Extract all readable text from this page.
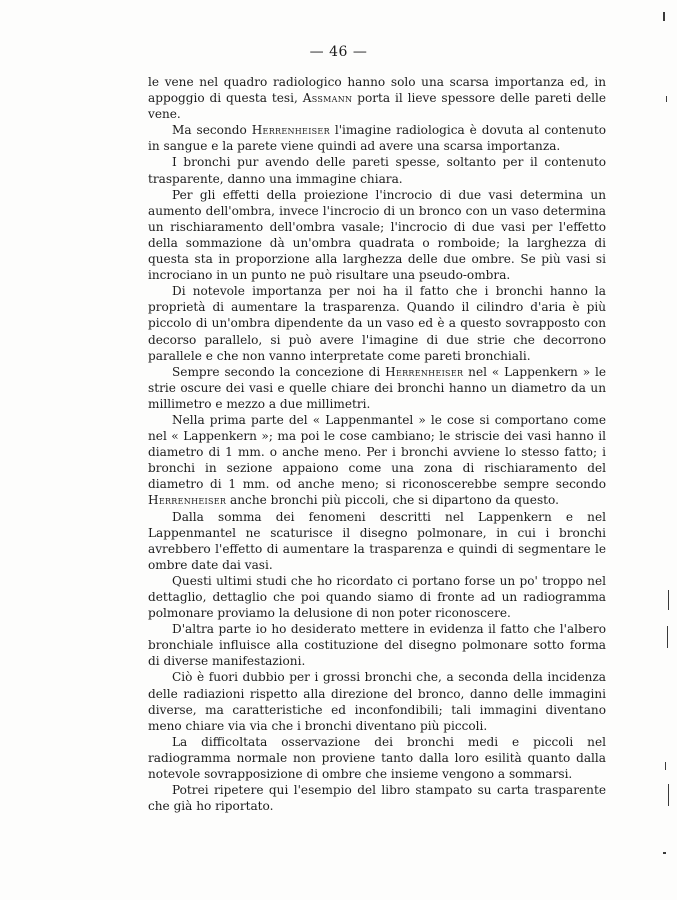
— 46 —

le vene nel quadro radiologico hanno solo una scarsa importanza ed, in appoggio di questa tesi, Assmann porta il lieve spessore delle pareti delle vene.

Ma secondo Herrenheiser l'imagine radiologica è dovuta al contenuto in sangue e la parete viene quindi ad avere una scarsa importanza.

I bronchi pur avendo delle pareti spesse, soltanto per il contenuto trasparente, danno una immagine chiara.

Per gli effetti della proiezione l'incrocio di due vasi determina un aumento dell'ombra, invece l'incrocio di un bronco con un vaso determina un rischiaramento dell'ombra vasale; l'incrocio di due vasi per l'effetto della sommazione dà un'ombra quadrata o romboide; la larghezza di questa sta in proporzione alla larghezza delle due ombre. Se più vasi si incrociano in un punto ne può risultare una pseudo-ombra.

Di notevole importanza per noi ha il fatto che i bronchi hanno la proprietà di aumentare la trasparenza. Quando il cilindro d'aria è più piccolo di un'ombra dipendente da un vaso ed è a questo sovrapposto con decorso parallelo, si può avere l'imagine di due strie che decorrono parallele e che non vanno interpretate come pareti bronchiali.

Sempre secondo la concezione di Herrenheiser nel « Lappenkern » le strie oscure dei vasi e quelle chiare dei bronchi hanno un diametro da un millimetro e mezzo a due millimetri.

Nella prima parte del « Lappenmantel » le cose si comportano come nel « Lappenkern »; ma poi le cose cambiano; le striscie dei vasi hanno il diametro di 1 mm. o anche meno. Per i bronchi avviene lo stesso fatto; i bronchi in sezione appaiono come una zona di rischiaramento del diametro di 1 mm. od anche meno; si riconoscerebbe sempre secondo Herrenheiser anche bronchi più piccoli, che si dipartono da questo.

Dalla somma dei fenomeni descritti nel Lappenkern e nel Lappenmantel ne scaturisce il disegno polmonare, in cui i bronchi avrebbero l'effetto di aumentare la trasparenza e quindi di segmentare le ombre date dai vasi.

Questi ultimi studi che ho ricordato ci portano forse un po' troppo nel dettaglio, dettaglio che poi quando siamo di fronte ad un radiogramma polmonare proviamo la delusione di non poter riconoscere.

D'altra parte io ho desiderato mettere in evidenza il fatto che l'albero bronchiale influisce alla costituzione del disegno polmonare sotto forma di diverse manifestazioni.

Ciò è fuori dubbio per i grossi bronchi che, a seconda della incidenza delle radiazioni rispetto alla direzione del bronco, danno delle immagini diverse, ma caratteristiche ed inconfondibili; tali immagini diventano meno chiare via via che i bronchi diventano più piccoli.

La difficoltata osservazione dei bronchi medi e piccoli nel radiogramma normale non proviene tanto dalla loro esilità quanto dalla notevole sovrapposizione di ombre che insieme vengono a sommarsi.

Potrei ripetere qui l'esempio del libro stampato su carta trasparente che già ho riportato.
